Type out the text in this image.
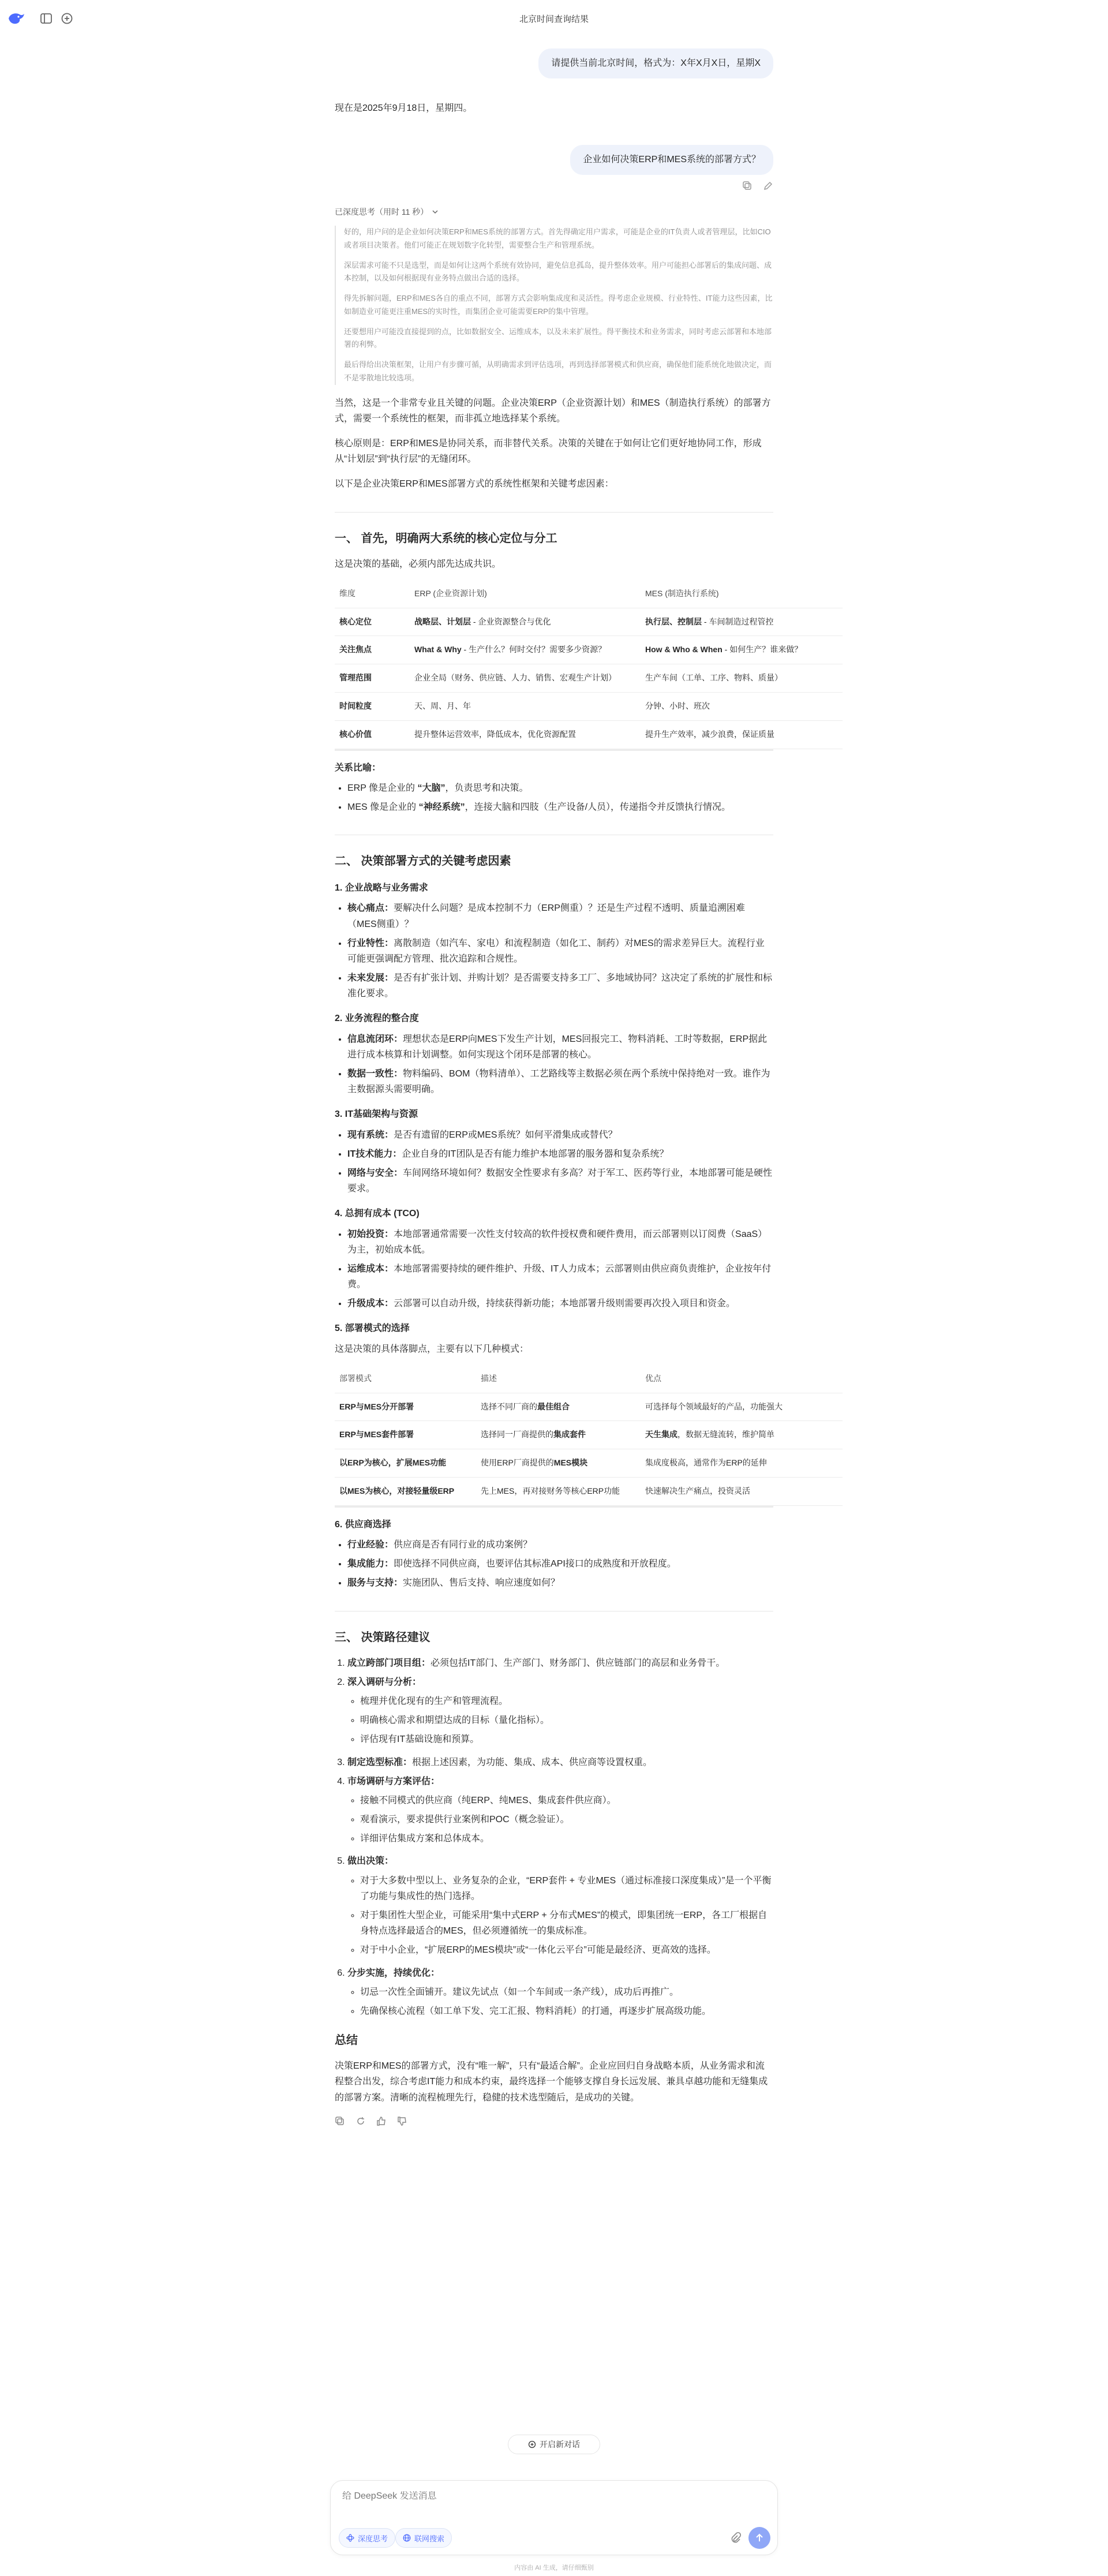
北京时间查询结果
请提供当前北京时间，格式为：X年X月X日，星期X
现在是2025年9月18日，星期四。
企业如何决策ERP和MES系统的部署方式？
已深度思考（用时 11 秒）

好的，用户问的是企业如何决策ERP和MES系统的部署方式。首先得确定用户需求，可能是企业的IT负责人或者管理层，比如CIO或者项目决策者。他们可能正在规划数字化转型，需要整合生产和管理系统。

深层需求可能不只是选型，而是如何让这两个系统有效协同，避免信息孤岛，提升整体效率。用户可能担心部署后的集成问题、成本控制，以及如何根据现有业务特点做出合适的选择。

得先拆解问题，ERP和MES各自的重点不同，部署方式会影响集成度和灵活性。得考虑企业规模、行业特性、IT能力这些因素，比如制造业可能更注重MES的实时性，而集团企业可能需要ERP的集中管理。

还要想用户可能没直接提到的点，比如数据安全、运维成本，以及未来扩展性。得平衡技术和业务需求，同时考虑云部署和本地部署的利弊。

最后得给出决策框架，让用户有步骤可循，从明确需求到评估选项，再到选择部署模式和供应商，确保他们能系统化地做决定，而不是零散地比较选项。

当然，这是一个非常专业且关键的问题。企业决策ERP（企业资源计划）和MES（制造执行系统）的部署方式，需要一个系统性的框架，而非孤立地选择某个系统。

核心原则是：ERP和MES是协同关系，而非替代关系。决策的关键在于如何让它们更好地协同工作，形成从“计划层”到“执行层”的无缝闭环。

以下是企业决策ERP和MES部署方式的系统性框架和关键考虑因素：

一、 首先，明确两大系统的核心定位与分工

这是决策的基础，必须内部先达成共识。

维度	ERP (企业资源计划)	MES (制造执行系统)
核心定位	战略层、计划层 - 企业资源整合与优化	执行层、控制层 - 车间制造过程管控
关注焦点	What & Why - 生产什么？何时交付？需要多少资源？	How & Who & When - 如何生产？谁来做？
管理范围	企业全局（财务、供应链、人力、销售、宏观生产计划）	生产车间（工单、工序、物料、质量）
时间粒度	天、周、月、年	分钟、小时、班次
核心价值	提升整体运营效率，降低成本，优化资源配置	提升生产效率，减少浪费，保证质量
关系比喻：
• ERP 像是企业的 “大脑”，负责思考和决策。
• MES 像是企业的 “神经系统”，连接大脑和四肢（生产设备/人员），传递指令并反馈执行情况。
二、 决策部署方式的关键考虑因素
1. 企业战略与业务需求
• 核心痛点：要解决什么问题？是成本控制不力（ERP侧重）？还是生产过程不透明、质量追溯困难（MES侧重）？
• 行业特性：离散制造（如汽车、家电）和流程制造（如化工、制药）对MES的需求差异巨大。流程行业可能更强调配方管理、批次追踪和合规性。
• 未来发展：是否有扩张计划、并购计划？是否需要支持多工厂、多地域协同？这决定了系统的扩展性和标准化要求。
2. 业务流程的整合度
• 信息流闭环：理想状态是ERP向MES下发生产计划，MES回报完工、物料消耗、工时等数据，ERP据此进行成本核算和计划调整。如何实现这个闭环是部署的核心。
• 数据一致性：物料编码、BOM（物料清单）、工艺路线等主数据必须在两个系统中保持绝对一致。谁作为主数据源头需要明确。
3. IT基础架构与资源
• 现有系统：是否有遗留的ERP或MES系统？如何平滑集成或替代？
• IT技术能力：企业自身的IT团队是否有能力维护本地部署的服务器和复杂系统？
• 网络与安全：车间网络环境如何？数据安全性要求有多高？对于军工、医药等行业，本地部署可能是硬性要求。
4. 总拥有成本 (TCO)
• 初始投资：本地部署通常需要一次性支付较高的软件授权费和硬件费用，而云部署则以订阅费（SaaS）为主，初始成本低。
• 运维成本：本地部署需要持续的硬件维护、升级、IT人力成本；云部署则由供应商负责维护，企业按年付费。
• 升级成本：云部署可以自动升级，持续获得新功能；本地部署升级则需要再次投入项目和资金。
5. 部署模式的选择

这是决策的具体落脚点，主要有以下几种模式：

部署模式	描述	优点
ERP与MES分开部署	选择不同厂商的最佳组合	可选择每个领域最好的产品，功能强大
ERP与MES套件部署	选择同一厂商提供的集成套件	天生集成，数据无缝流转，维护简单
以ERP为核心，扩展MES功能	使用ERP厂商提供的MES模块	集成度极高，通常作为ERP的延伸
以MES为核心，对接轻量级ERP	先上MES，再对接财务等核心ERP功能	快速解决生产痛点，投资灵活
6. 供应商选择
• 行业经验：供应商是否有同行业的成功案例？
• 集成能力：即使选择不同供应商，也要评估其标准API接口的成熟度和开放程度。
• 服务与支持：实施团队、售后支持、响应速度如何？
三、 决策路径建议
1. 成立跨部门项目组：必须包括IT部门、生产部门、财务部门、供应链部门的高层和业务骨干。
2. 深入调研与分析：
◦ 梳理并优化现有的生产和管理流程。
◦ 明确核心需求和期望达成的目标（量化指标）。
◦ 评估现有IT基础设施和预算。
3. 制定选型标准：根据上述因素，为功能、集成、成本、供应商等设置权重。
4. 市场调研与方案评估：
◦ 接触不同模式的供应商（纯ERP、纯MES、集成套件供应商）。
◦ 观看演示，要求提供行业案例和POC（概念验证）。
◦ 详细评估集成方案和总体成本。
5. 做出决策：
◦ 对于大多数中型以上、业务复杂的企业，“ERP套件 + 专业MES（通过标准接口深度集成）”是一个平衡了功能与集成性的热门选择。
◦ 对于集团性大型企业，可能采用“集中式ERP + 分布式MES”的模式，即集团统一ERP，各工厂根据自身特点选择最适合的MES，但必须遵循统一的集成标准。
◦ 对于中小企业，“扩展ERP的MES模块”或“一体化云平台”可能是最经济、更高效的选择。
6. 分步实施，持续优化：
◦ 切忌一次性全面铺开。建议先试点（如一个车间或一条产线），成功后再推广。
◦ 先确保核心流程（如工单下发、完工汇报、物料消耗）的打通，再逐步扩展高级功能。
总结

决策ERP和MES的部署方式，没有“唯一解”，只有“最适合解”。企业应回归自身战略本质，从业务需求和流程整合出发，综合考虑IT能力和成本约束，最终选择一个能够支撑自身长远发展、兼具卓越功能和无缝集成的部署方案。清晰的流程梳理先行，稳健的技术选型随后，是成功的关键。

开启新对话
给 DeepSeek 发送消息
深度思考	联网搜索
内容由 AI 生成，请仔细甄别
